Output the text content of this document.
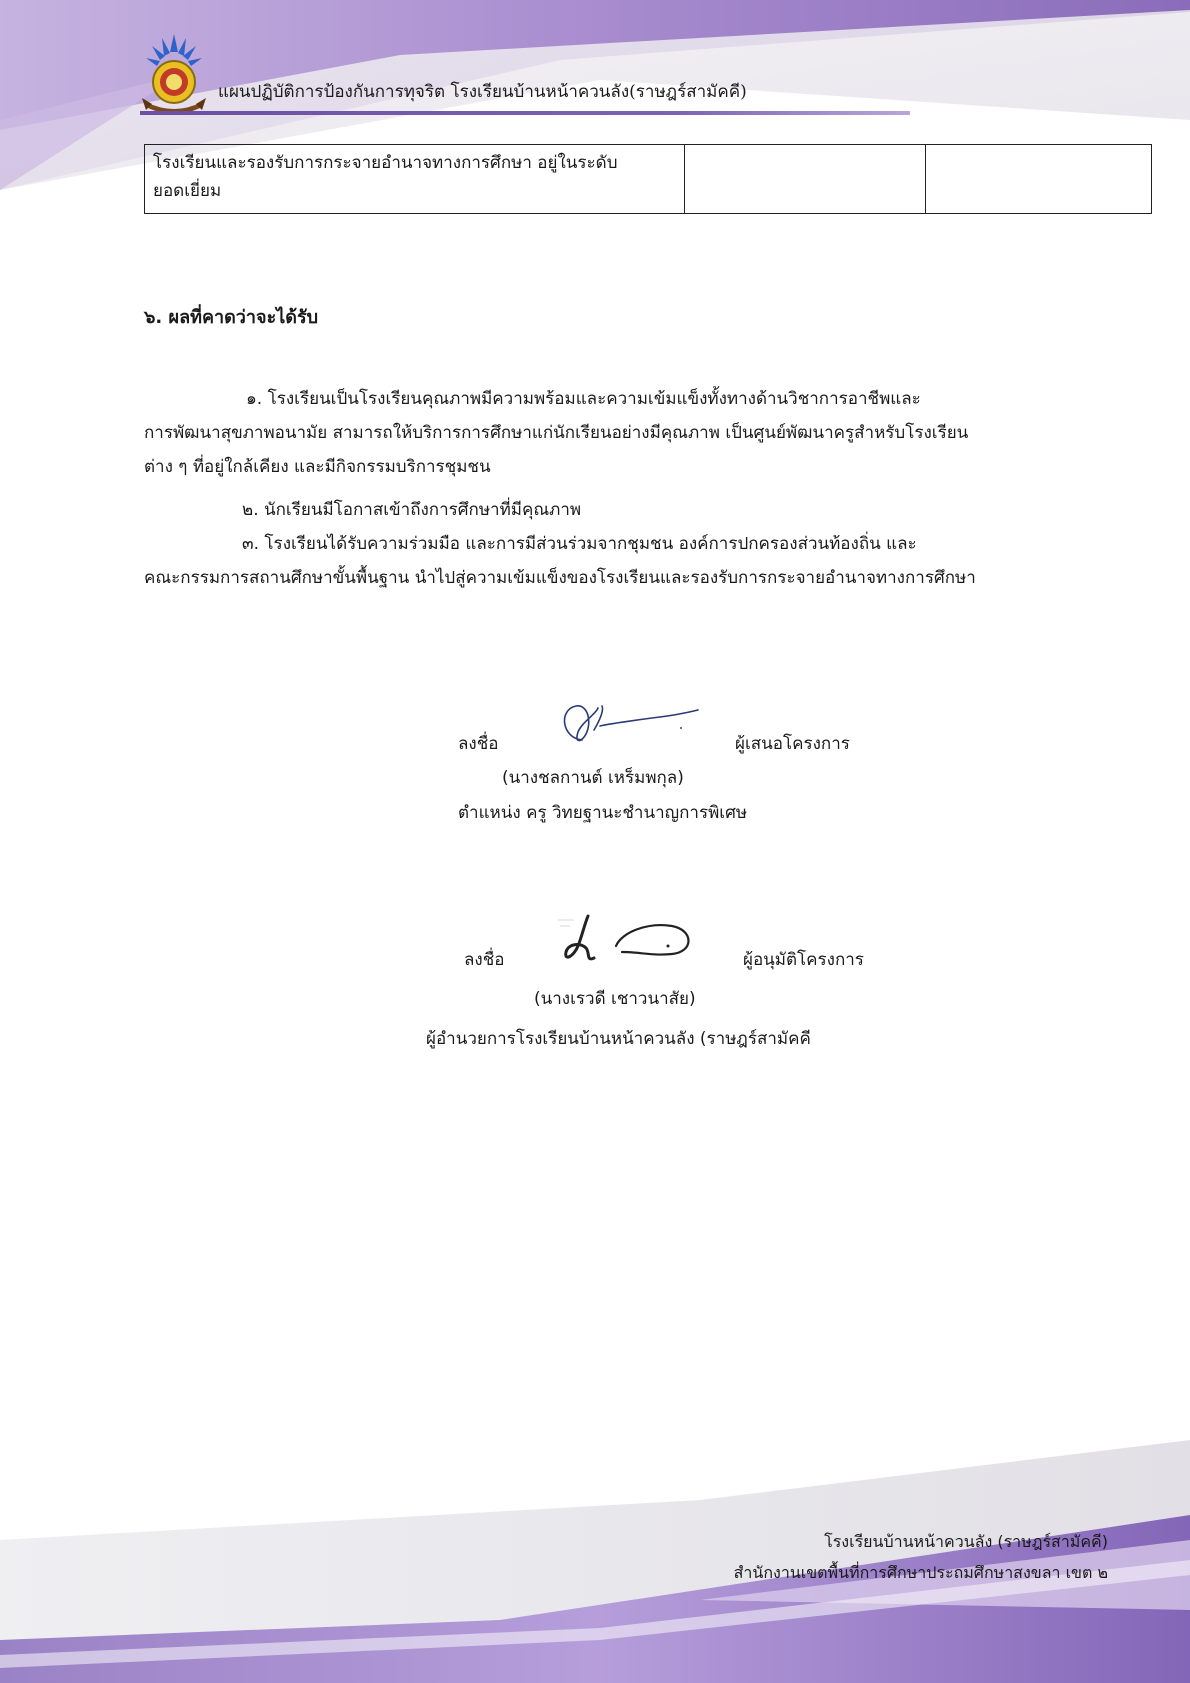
แผนปฏิบัติการป้องกันการทุจริต โรงเรียนบ้านหน้าควนลัง(ราษฎร์สามัคคี)
โรงเรียนและรองรับการกระจายอำนาจทางการศึกษา อยู่ในระดับ
ยอดเยี่ยม

๖. ผลที่คาดว่าจะได้รับ
๑. โรงเรียนเป็นโรงเรียนคุณภาพมีความพร้อมและความเข้มแข็งทั้งทางด้านวิชาการอาชีพและ
การพัฒนาสุขภาพอนามัย สามารถให้บริการการศึกษาแก่นักเรียนอย่างมีคุณภาพ เป็นศูนย์พัฒนาครูสำหรับโรงเรียน
ต่าง ๆ ที่อยู่ใกล้เคียง และมีกิจกรรมบริการชุมชน
๒. นักเรียนมีโอกาสเข้าถึงการศึกษาที่มีคุณภาพ
๓. โรงเรียนได้รับความร่วมมือ และการมีส่วนร่วมจากชุมชน องค์การปกครองส่วนท้องถิ่น และ
คณะกรรมการสถานศึกษาขั้นพื้นฐาน นำไปสู่ความเข้มแข็งของโรงเรียนและรองรับการกระจายอำนาจทางการศึกษา
ลงชื่อ	ผู้เสนอโครงการ
(นางชลกานต์ เหร็มพกุล)
ตำแหน่ง ครู วิทยฐานะชำนาญการพิเศษ
ลงชื่อ	ผู้อนุมัติโครงการ
(นางเรวดี เชาวนาสัย)
ผู้อำนวยการโรงเรียนบ้านหน้าควนลัง (ราษฎร์สามัคคี
โรงเรียนบ้านหน้าควนลัง (ราษฎร์สามัคคี)
สำนักงานเขตพื้นที่การศึกษาประถมศึกษาสงขลา เขต ๒
